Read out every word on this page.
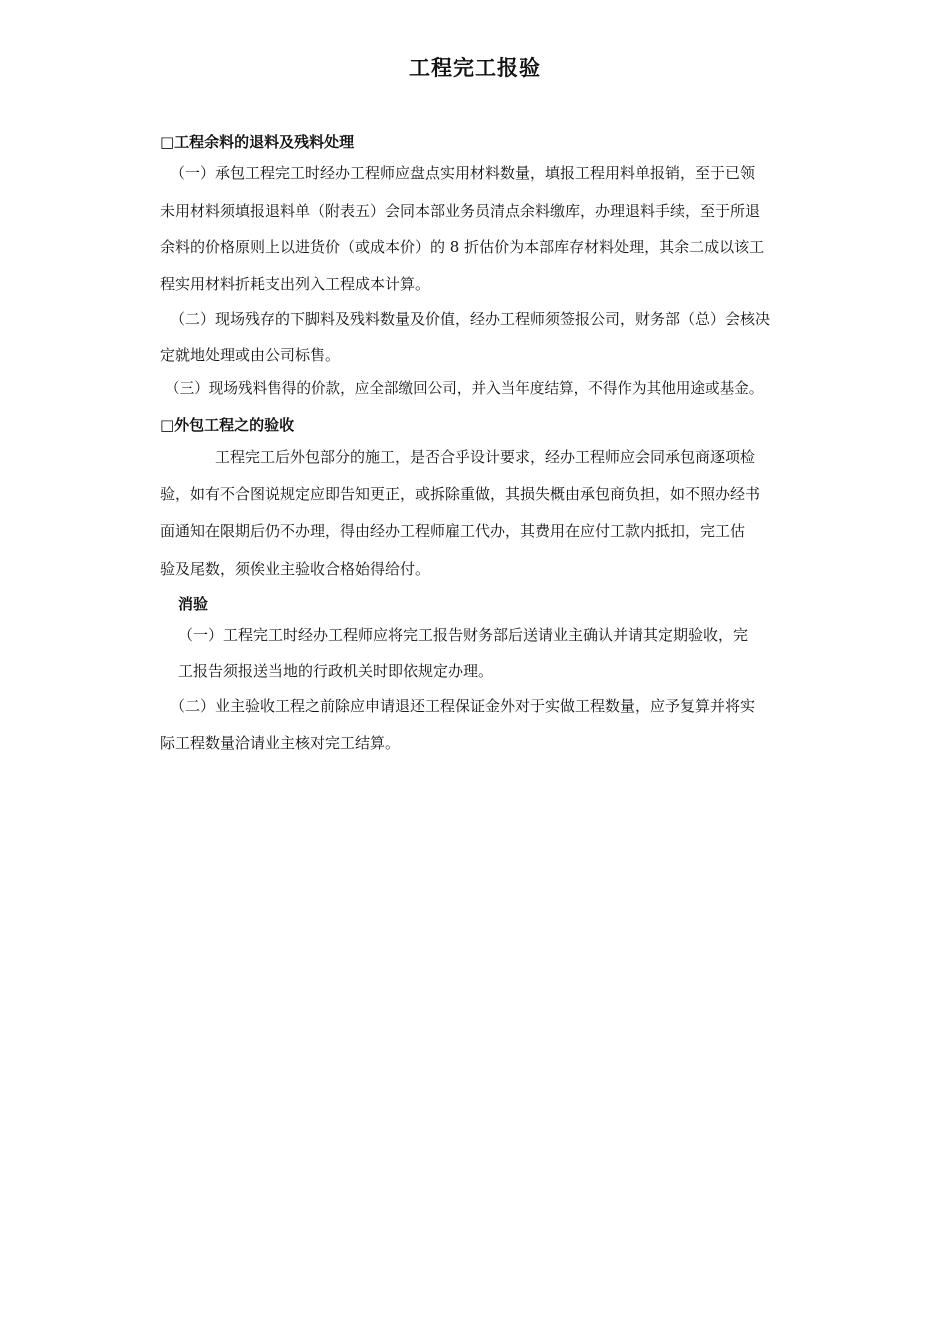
工程完工报验
□工程余料的退料及残料处理
（一）承包工程完工时经办工程师应盘点实用材料数量，填报工程用料单报销，至于已领
未用材料须填报退料单（附表五）会同本部业务员清点余料缴库，办理退料手续，至于所退
余料的价格原则上以进货价（或成本价）的 8 折估价为本部库存材料处理，其余二成以该工
程实用材料折耗支出列入工程成本计算。
（二）现场残存的下脚料及残料数量及价值，经办工程师须签报公司，财务部（总）会核决
定就地处理或由公司标售。
（三）现场残料售得的价款，应全部缴回公司，并入当年度结算，不得作为其他用途或基金。
□外包工程之的验收
工程完工后外包部分的施工，是否合乎设计要求，经办工程师应会同承包商逐项检
验，如有不合图说规定应即告知更正，或拆除重做，其损失概由承包商负担，如不照办经书
面通知在限期后仍不办理，得由经办工程师雇工代办，其费用在应付工款内抵扣，完工估
验及尾数，须俟业主验收合格始得给付。
消验
（一）工程完工时经办工程师应将完工报告财务部后送请业主确认并请其定期验收，完
工报告须报送当地的行政机关时即依规定办理。
（二）业主验收工程之前除应申请退还工程保证金外对于实做工程数量，应予复算并将实
际工程数量洽请业主核对完工结算。
